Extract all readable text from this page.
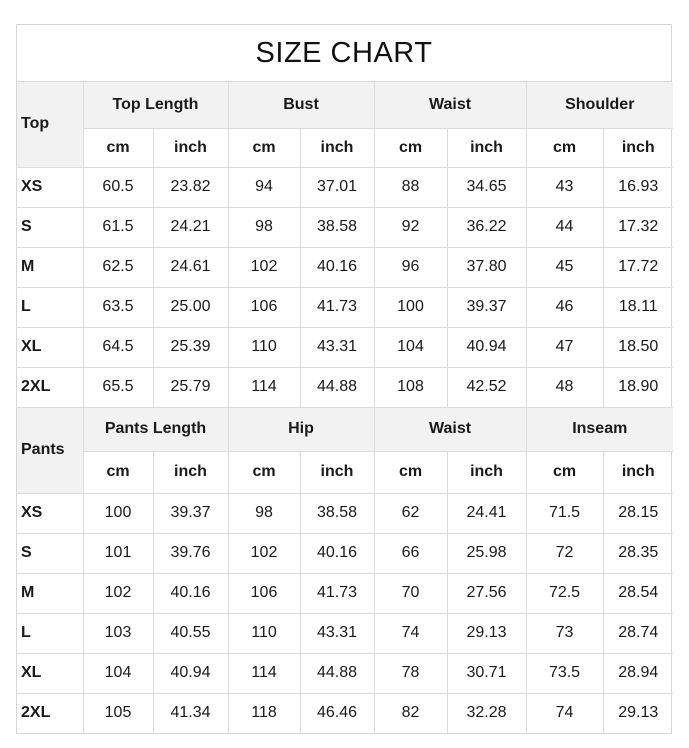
SIZE CHART
Top	Top Length		Bust		Waist		Shoulder	
	cm	inch	cm	inch	cm	inch	cm	inch
XS	60.5	23.82	94	37.01	88	34.65	43	16.93
S	61.5	24.21	98	38.58	92	36.22	44	17.32
M	62.5	24.61	102	40.16	96	37.80	45	17.72
L	63.5	25.00	106	41.73	100	39.37	46	18.11
XL	64.5	25.39	110	43.31	104	40.94	47	18.50
2XL	65.5	25.79	114	44.88	108	42.52	48	18.90
Pants	Pants Length		Hip		Waist		Inseam	
	cm	inch	cm	inch	cm	inch	cm	inch
XS	100	39.37	98	38.58	62	24.41	71.5	28.15
S	101	39.76	102	40.16	66	25.98	72	28.35
M	102	40.16	106	41.73	70	27.56	72.5	28.54
L	103	40.55	110	43.31	74	29.13	73	28.74
XL	104	40.94	114	44.88	78	30.71	73.5	28.94
2XL	105	41.34	118	46.46	82	32.28	74	29.13
